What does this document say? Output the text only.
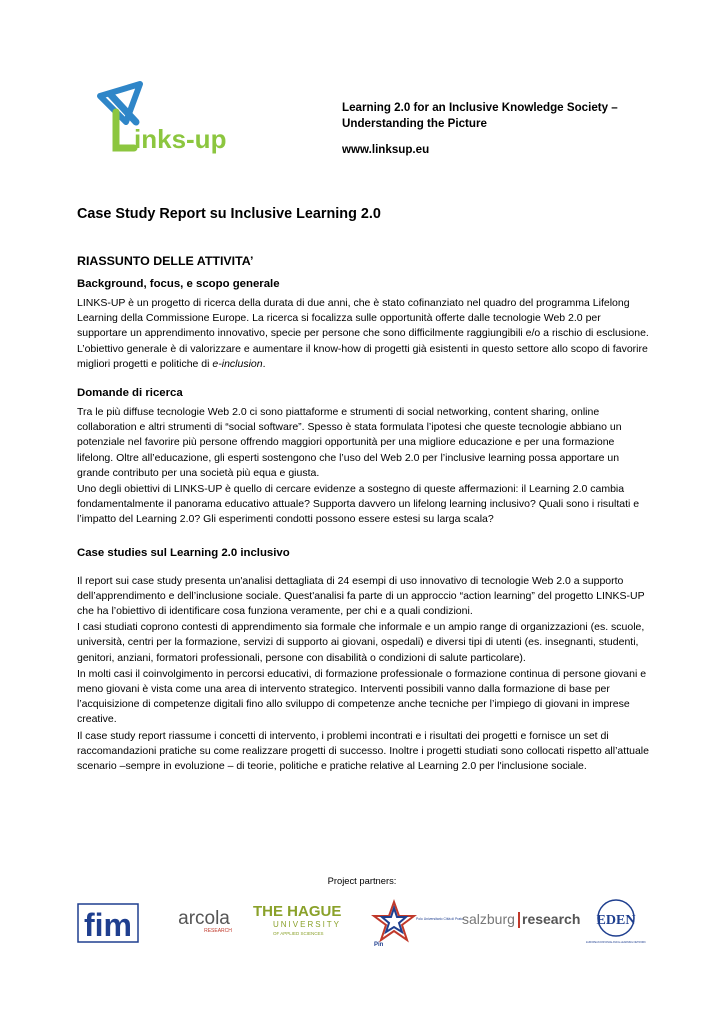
inks-up
Learning 2.0 for an Inclusive Knowledge Society –
Understanding the Picture
www.linksup.eu
Case Study Report su Inclusive Learning 2.0
RIASSUNTO DELLE ATTIVITA’
Background, focus, e scopo generale
LINKS-UP è un progetto di ricerca della durata di due anni, che è stato cofinanziato nel quadro del programma Lifelong Learning della Commissione Europe. La ricerca si focalizza sulle opportunità offerte dalle tecnologie Web 2.0 per supportare un apprendimento innovativo, specie per persone che sono difficilmente raggiungibili e/o a rischio di esclusione. L’obiettivo generale è di valorizzare e aumentare il know-how di progetti già esistenti in questo settore allo scopo di favorire migliori progetti e politiche di e-inclusion.
Domande di ricerca
Tra le più diffuse tecnologie Web 2.0 ci sono piattaforme e strumenti di social networking, content sharing, online collaboration e altri strumenti di “social software”. Spesso è stata formulata l’ipotesi che queste tecnologie abbiano un potenziale nel favorire più persone offrendo maggiori opportunità per una migliore educazione e per una formazione lifelong. Oltre all’educazione, gli esperti sostengono che l’uso del Web 2.0 per l’inclusive learning possa apportare un grande contributo per una società più equa e giusta.
Uno degli obiettivi di LINKS-UP è quello di cercare evidenze a sostegno di queste affermazioni: il Learning 2.0 cambia fondamentalmente il panorama educativo attuale? Supporta davvero un lifelong learning inclusivo? Quali sono i risultati e l’impatto del Learning 2.0? Gli esperimenti condotti possono essere estesi su larga scala?
Case studies sul Learning 2.0 inclusivo
Il report sui case study presenta un'analisi dettagliata di 24 esempi di uso innovativo di tecnologie Web 2.0 a supporto dell’apprendimento e dell’inclusione sociale. Quest'analisi fa parte di un approccio “action learning” del progetto LINKS-UP che ha l’obiettivo di identificare cosa funziona veramente, per chi e a quali condizioni.
I casi studiati coprono contesti di apprendimento sia formale che informale e un ampio range di organizzazioni (es. scuole, università, centri per la formazione, servizi di supporto ai giovani, ospedali) e diversi tipi di utenti (es. insegnanti, studenti, genitori, anziani, formatori professionali, persone con disabilità o condizioni di salute particolare).
In molti casi il coinvolgimento in percorsi educativi, di formazione professionale o formazione continua di persone giovani e meno giovani è vista come una area di intervento strategico. Interventi possibili vanno dalla formazione di base per l’acquisizione di competenze digitali fino allo sviluppo di competenze anche tecniche per l’impiego di giovani in imprese creative.
Il case study report riassume i concetti di intervento, i problemi incontrati e i risultati dei progetti e fornisce un set di raccomandazioni pratiche su come realizzare progetti di successo. Inoltre i progetti studiati sono collocati rispetto all’attuale scenario –sempre in evoluzione – di teorie, politiche e pratiche relative al Learning 2.0 per l'inclusione sociale.
Project partners:
fim arcola
RESEARCH
THE HAGUE
UNIVERSITY
OF APPLIED SCIENCES
Pin
Polo Universitario Città di Prato
salzburg research EDEN
EUROPEAN DISTANCE AND E-LEARNING NETWORK
